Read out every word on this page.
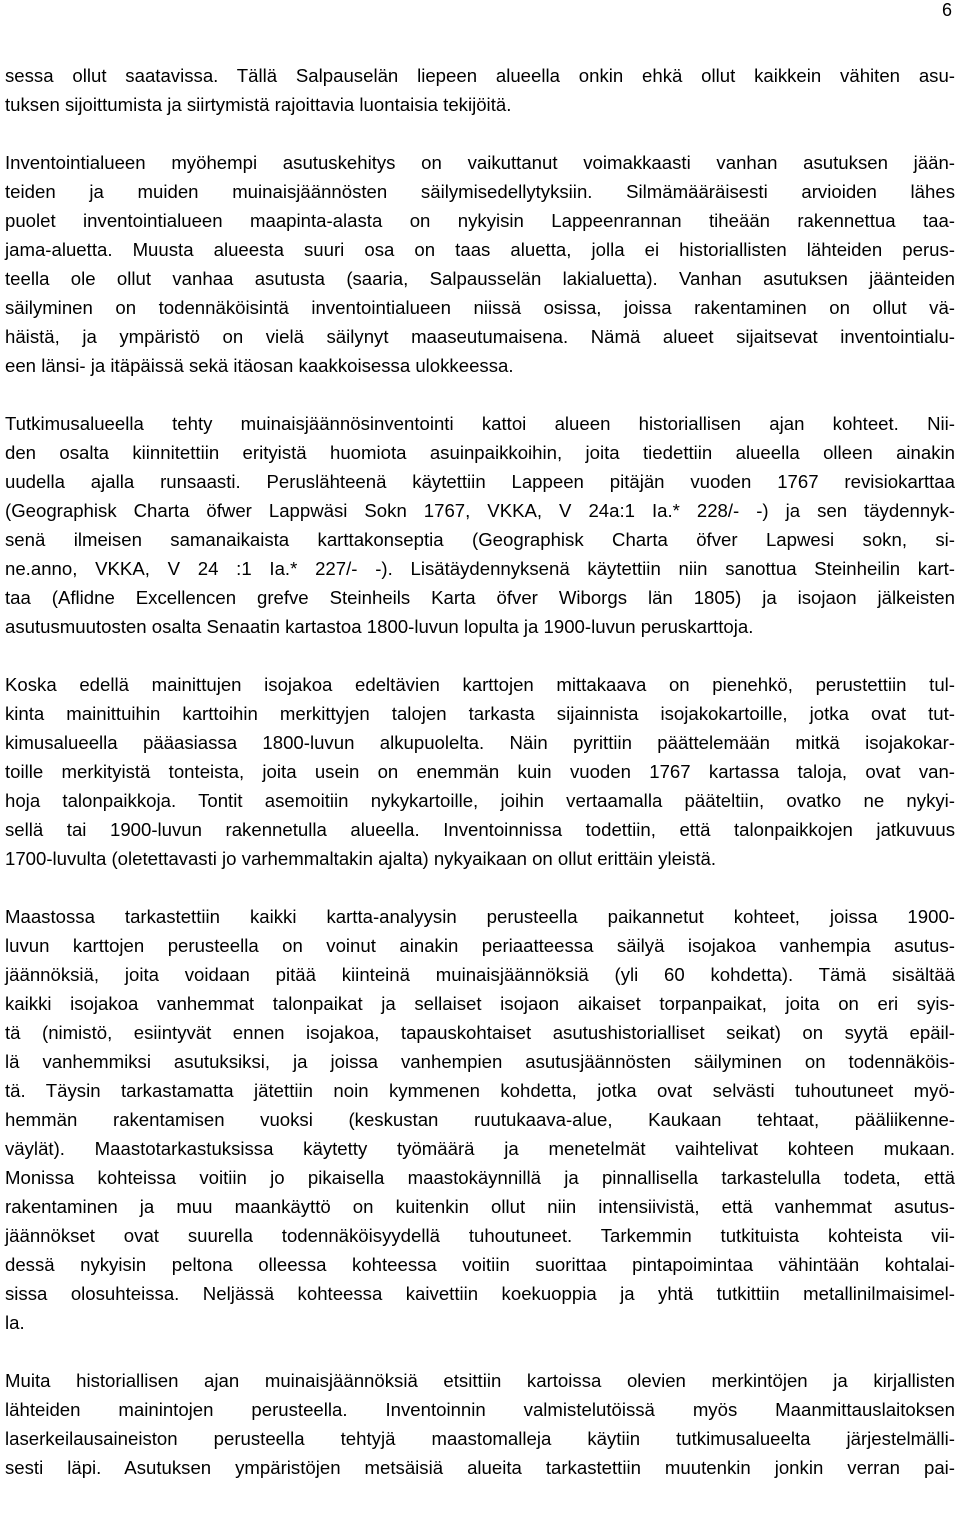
6
sessa ollut saatavissa. Tällä Salpauselän liepeen alueella onkin ehkä ollut kaikkein vähiten asu-
tuksen sijoittumista ja siirtymistä rajoittavia luontaisia tekijöitä.
Inventointialueen myöhempi asutuskehitys on vaikuttanut voimakkaasti vanhan asutuksen jään-
teiden ja muiden muinaisjäännösten säilymisedellytyksiin. Silmämääräisesti arvioiden lähes
puolet inventointialueen maapinta-alasta on nykyisin Lappeenrannan tiheään rakennettua taa-
jama-aluetta. Muusta alueesta suuri osa on taas aluetta, jolla ei historiallisten lähteiden perus-
teella ole ollut vanhaa asutusta (saaria, Salpausselän lakialuetta). Vanhan asutuksen jäänteiden
säilyminen on todennäköisintä inventointialueen niissä osissa, joissa rakentaminen on ollut vä-
häistä, ja ympäristö on vielä säilynyt maaseutumaisena. Nämä alueet sijaitsevat inventointialu-
een länsi- ja itäpäissä sekä itäosan kaakkoisessa ulokkeessa.
Tutkimusalueella tehty muinaisjäännösinventointi kattoi alueen historiallisen ajan kohteet. Nii-
den osalta kiinnitettiin erityistä huomiota asuinpaikkoihin, joita tiedettiin alueella olleen ainakin
uudella ajalla runsaasti. Peruslähteenä käytettiin Lappeen pitäjän vuoden 1767 revisiokarttaa
(Geographisk Charta öfwer Lappwäsi Sokn 1767, VKKA, V 24a:1 Ia.* 228/- -) ja sen täydennyk-
senä ilmeisen samanaikaista karttakonseptia (Geographisk Charta öfver Lapwesi sokn, si-
ne.anno, VKKA, V 24 :1 Ia.* 227/- -). Lisätäydennyksenä käytettiin niin sanottua Steinheilin kart-
taa (Aflidne Excellencen grefve Steinheils Karta öfver Wiborgs län 1805) ja isojaon jälkeisten
asutusmuutosten osalta Senaatin kartastoa 1800-luvun lopulta ja 1900-luvun peruskarttoja.
Koska edellä mainittujen isojakoa edeltävien karttojen mittakaava on pienehkö, perustettiin tul-
kinta mainittuihin karttoihin merkittyjen talojen tarkasta sijainnista isojakokartoille, jotka ovat tut-
kimusalueella pääasiassa 1800-luvun alkupuolelta. Näin pyrittiin päättelemään mitkä isojakokar-
toille merkityistä tonteista, joita usein on enemmän kuin vuoden 1767 kartassa taloja, ovat van-
hoja talonpaikkoja. Tontit asemoitiin nykykartoille, joihin vertaamalla pääteltiin, ovatko ne nykyi-
sellä tai 1900-luvun rakennetulla alueella. Inventoinnissa todettiin, että talonpaikkojen jatkuvuus
1700-luvulta (oletettavasti jo varhemmaltakin ajalta) nykyaikaan on ollut erittäin yleistä.
Maastossa tarkastettiin kaikki kartta-analyysin perusteella paikannetut kohteet, joissa 1900-
luvun karttojen perusteella on voinut ainakin periaatteessa säilyä isojakoa vanhempia asutus-
jäännöksiä, joita voidaan pitää kiinteinä muinaisjäännöksiä (yli 60 kohdetta). Tämä sisältää
kaikki isojakoa vanhemmat talonpaikat ja sellaiset isojaon aikaiset torpanpaikat, joita on eri syis-
tä (nimistö, esiintyvät ennen isojakoa, tapauskohtaiset asutushistorialliset seikat) on syytä epäil-
lä vanhemmiksi asutuksiksi, ja joissa vanhempien asutusjäännösten säilyminen on todennäköis-
tä. Täysin tarkastamatta jätettiin noin kymmenen kohdetta, jotka ovat selvästi tuhoutuneet myö-
hemmän rakentamisen vuoksi (keskustan ruutukaava-alue, Kaukaan tehtaat, pääliikenne-
väylät). Maastotarkastuksissa käytetty työmäärä ja menetelmät vaihtelivat kohteen mukaan.
Monissa kohteissa voitiin jo pikaisella maastokäynnillä ja pinnallisella tarkastelulla todeta, että
rakentaminen ja muu maankäyttö on kuitenkin ollut niin intensiivistä, että vanhemmat asutus-
jäännökset ovat suurella todennäköisyydellä tuhoutuneet. Tarkemmin tutkituista kohteista vii-
dessä nykyisin peltona olleessa kohteessa voitiin suorittaa pintapoimintaa vähintään kohtalai-
sissa olosuhteissa. Neljässä kohteessa kaivettiin koekuoppia ja yhtä tutkittiin metallinilmaisimel-
la.
Muita historiallisen ajan muinaisjäännöksiä etsittiin kartoissa olevien merkintöjen ja kirjallisten
lähteiden mainintojen perusteella. Inventoinnin valmistelutöissä myös Maanmittauslaitoksen
laserkeilausaineiston perusteella tehtyjä maastomalleja käytiin tutkimusalueelta järjestelmälli-
sesti läpi. Asutuksen ympäristöjen metsäisiä alueita tarkastettiin muutenkin jonkin verran pai-
